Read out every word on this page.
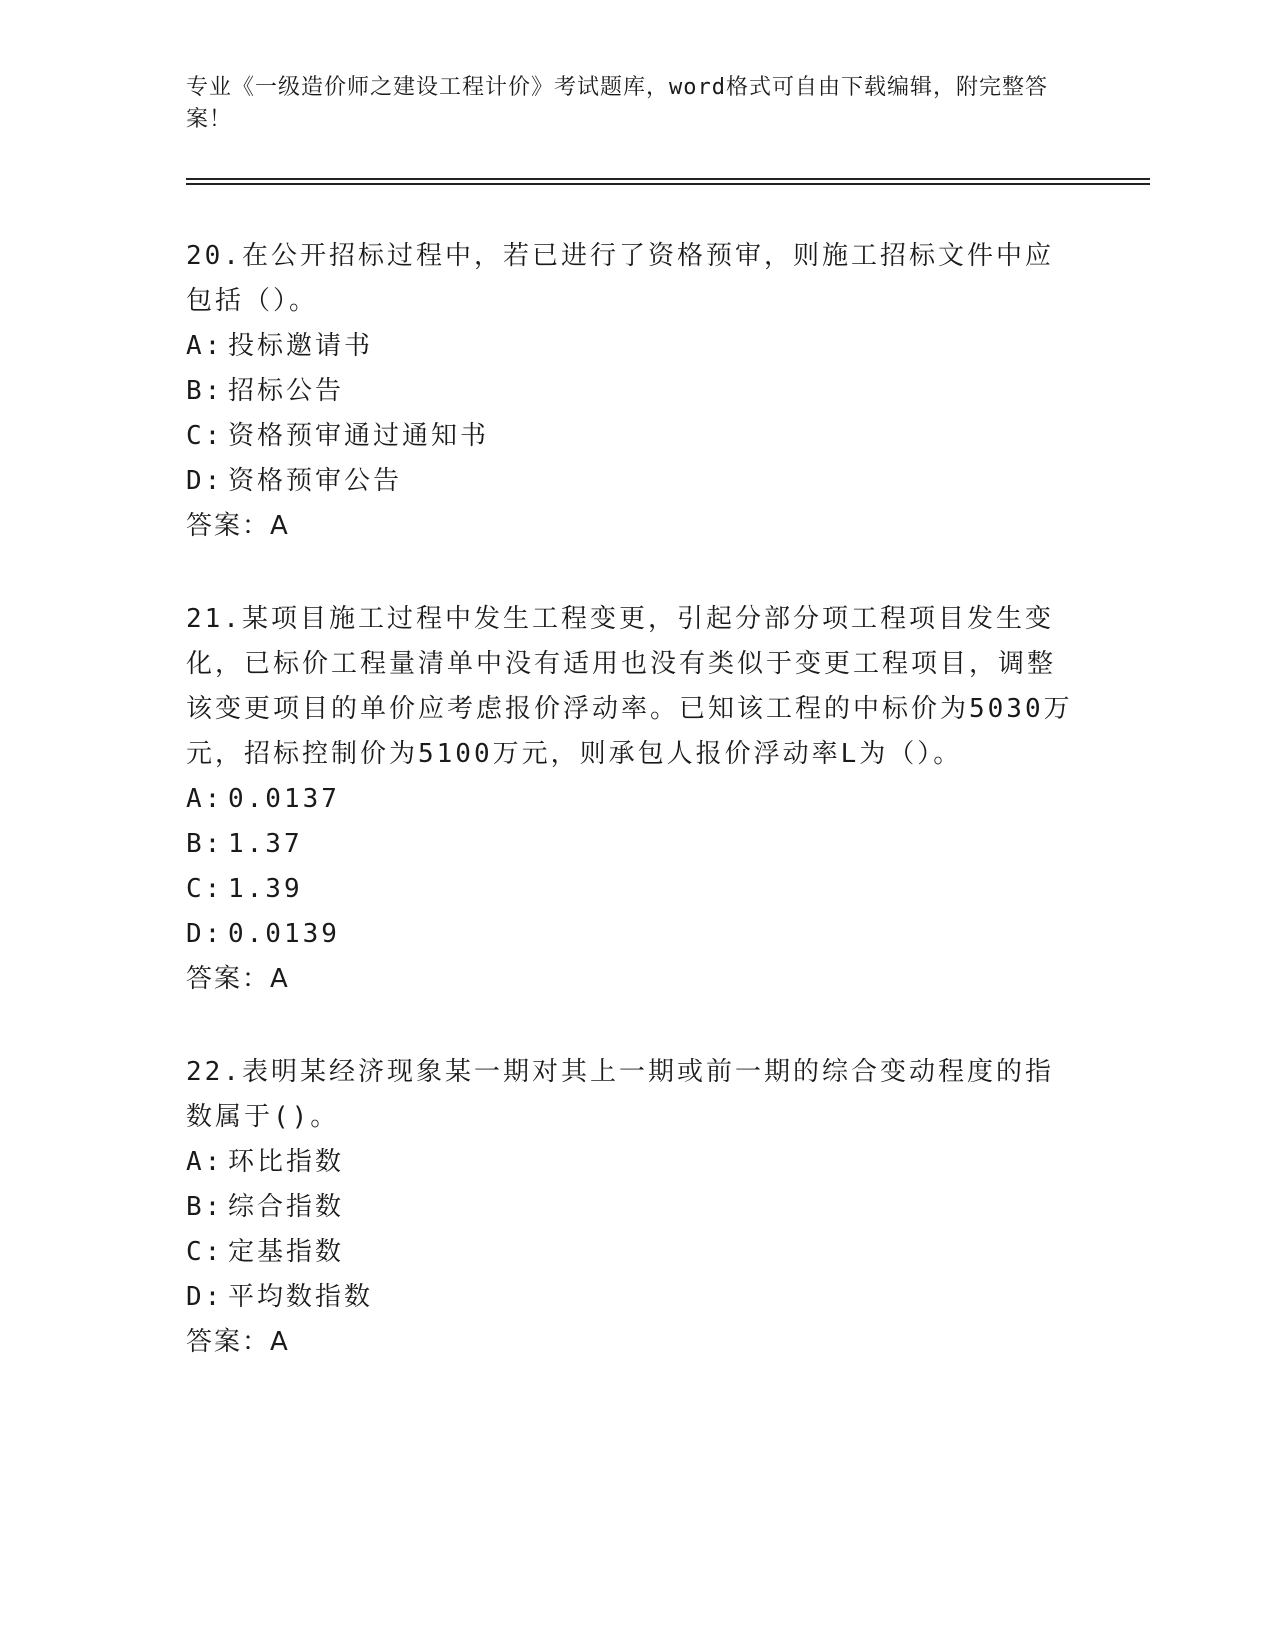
专业《一级造价师之建设工程计价》考试题库，word格式可自由下载编辑，附完整答案！

20.在公开招标过程中，若已进行了资格预审，则施工招标文件中应包括（）。

A: 投标邀请书

B: 招标公告

C: 资格预审通过通知书

D: 资格预审公告

答案：A

21.某项目施工过程中发生工程变更，引起分部分项工程项目发生变化，已标价工程量清单中没有适用也没有类似于变更工程项目，调整该变更项目的单价应考虑报价浮动率。已知该工程的中标价为5030万元，招标控制价为5100万元，则承包人报价浮动率L为（）。

A: 0.0137

B: 1.37

C: 1.39

D: 0.0139

答案：A

22.表明某经济现象某一期对其上一期或前一期的综合变动程度的指数属于()。

A: 环比指数

B: 综合指数

C: 定基指数

D: 平均数指数

答案：A
